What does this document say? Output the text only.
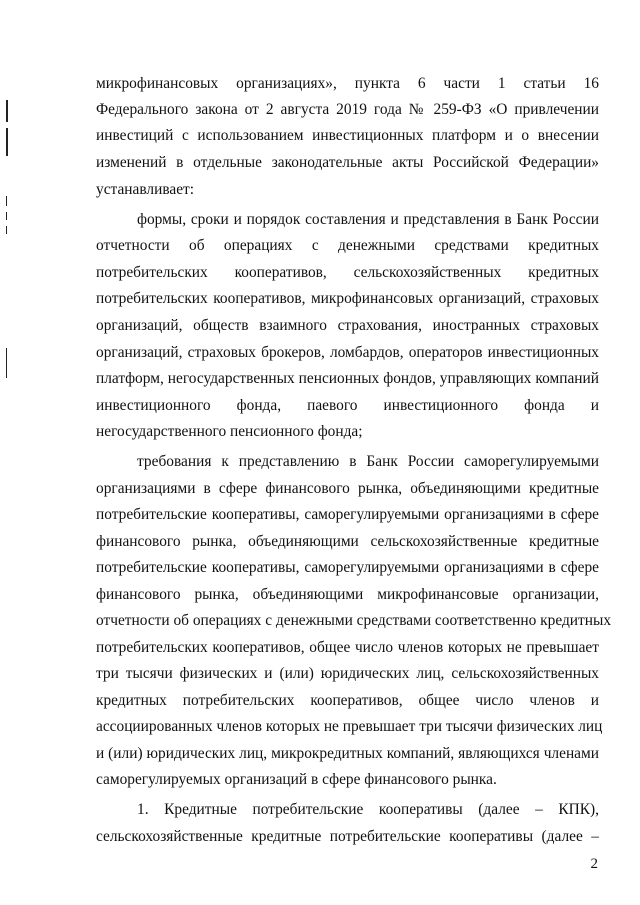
микрофинансовых организациях», пункта 6 части 1 статьи 16
Федерального закона от 2 августа 2019 года № 259-ФЗ «О привлечении
инвестиций с использованием инвестиционных платформ и о внесении
изменений в отдельные законодательные акты Российской Федерации»
устанавливает:
формы, сроки и порядок составления и представления в Банк России
отчетности об операциях с денежными средствами кредитных
потребительских кооперативов, сельскохозяйственных кредитных
потребительских кооперативов, микрофинансовых организаций, страховых
организаций, обществ взаимного страхования, иностранных страховых
организаций, страховых брокеров, ломбардов, операторов инвестиционных
платформ, негосударственных пенсионных фондов, управляющих компаний
инвестиционного фонда, паевого инвестиционного фонда и
негосударственного пенсионного фонда;
требования к представлению в Банк России саморегулируемыми
организациями в сфере финансового рынка, объединяющими кредитные
потребительские кооперативы, саморегулируемыми организациями в сфере
финансового рынка, объединяющими сельскохозяйственные кредитные
потребительские кооперативы, саморегулируемыми организациями в сфере
финансового рынка, объединяющими микрофинансовые организации,
отчетности об операциях с денежными средствами соответственно кредитных
потребительских кооперативов, общее число членов которых не превышает
три тысячи физических и (или) юридических лиц, сельскохозяйственных
кредитных потребительских кооперативов, общее число членов и
ассоциированных членов которых не превышает три тысячи физических лиц
и (или) юридических лиц, микрокредитных компаний, являющихся членами
саморегулируемых организаций в сфере финансового рынка.
1. Кредитные потребительские кооперативы (далее – КПК),
сельскохозяйственные кредитные потребительские кооперативы (далее –
2
